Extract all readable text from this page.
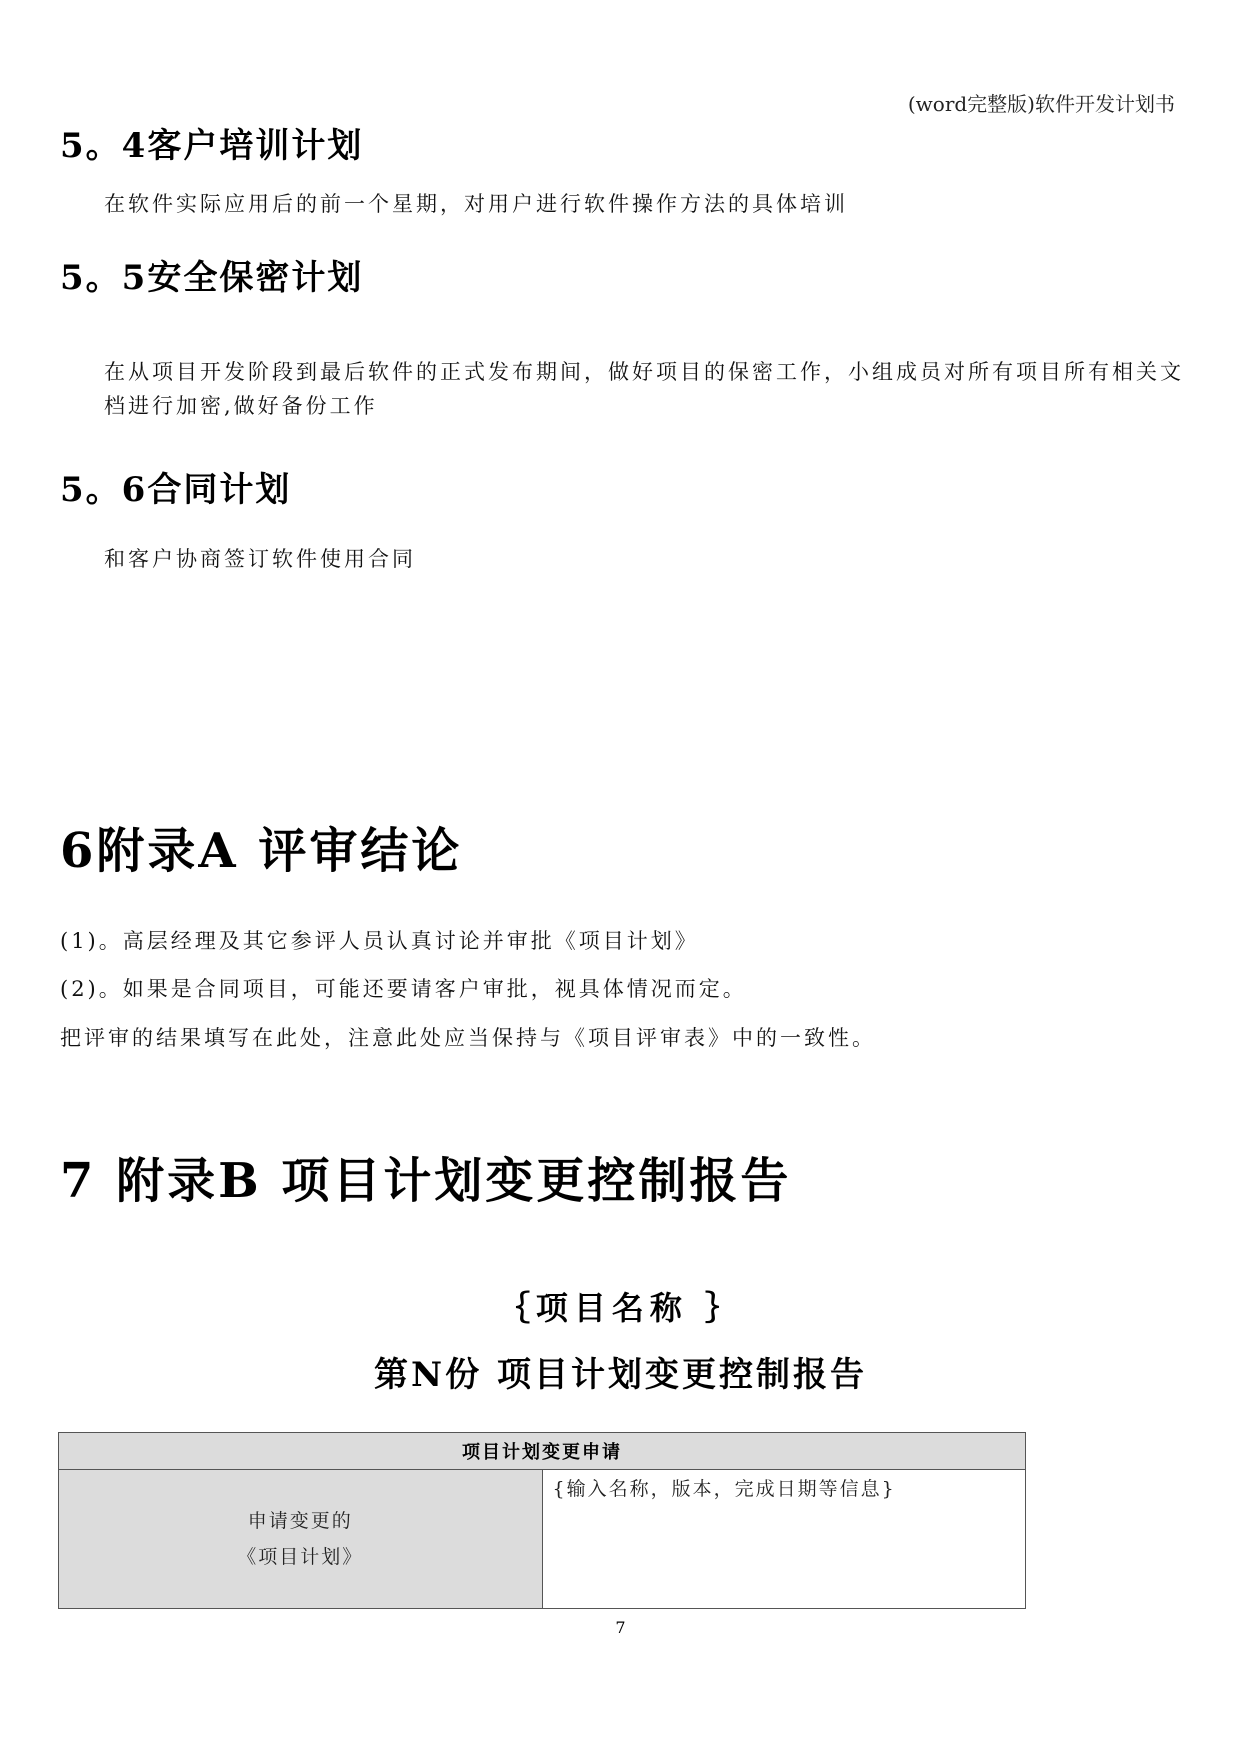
(word完整版)软件开发计划书
5。4客户培训计划
在软件实际应用后的前一个星期，对用户进行软件操作方法的具体培训
5。5安全保密计划
在从项目开发阶段到最后软件的正式发布期间，做好项目的保密工作，小组成员对所有项目所有相关文
档进行加密,做好备份工作
5。6合同计划
和客户协商签订软件使用合同
6附录A 评审结论
(1)。高层经理及其它参评人员认真讨论并审批《项目计划》
(2)。如果是合同项目，可能还要请客户审批，视具体情况而定。
把评审的结果填写在此处，注意此处应当保持与《项目评审表》中的一致性。
7 附录B 项目计划变更控制报告
｛项目名称 ｝
第N份 项目计划变更控制报告
项目计划变更申请

申请变更的
《项目计划》
	{输入名称，版本，完成日期等信息}
7
